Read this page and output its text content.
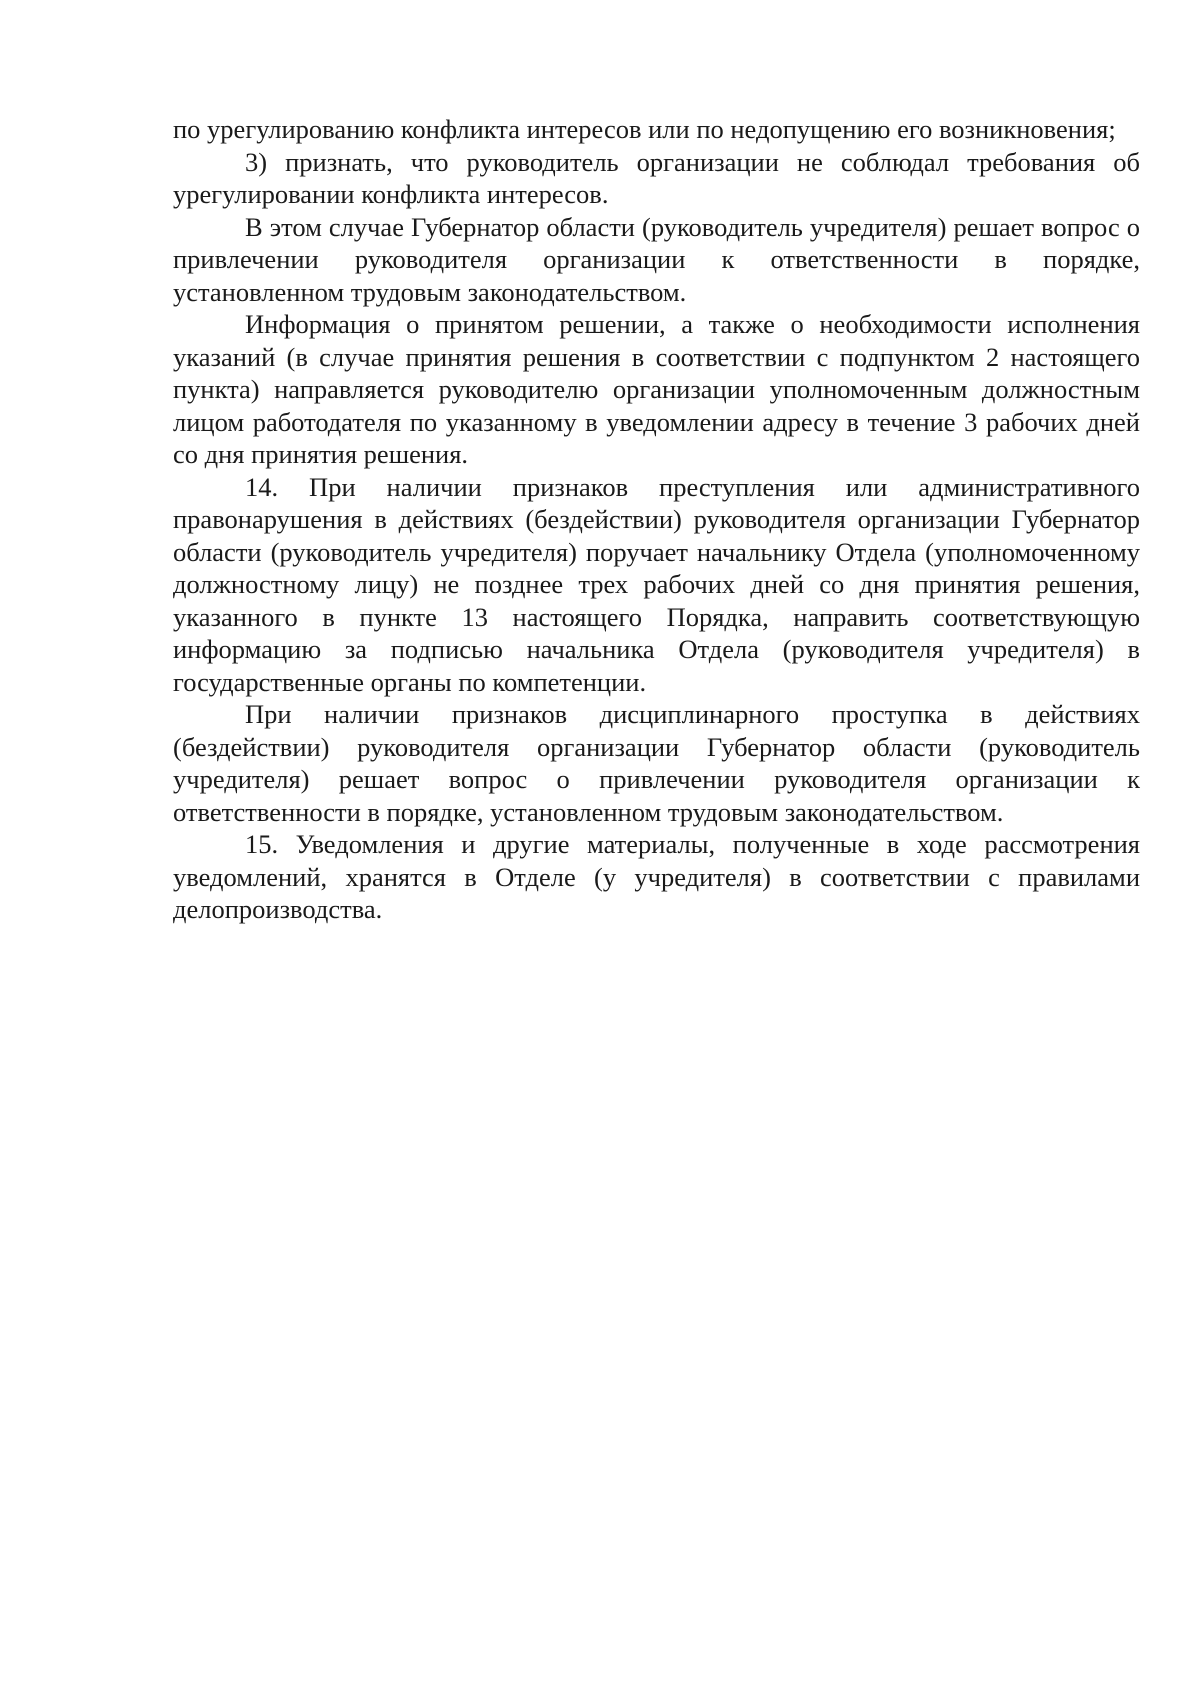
по урегулированию конфликта интересов или по недопущению его возникновения;

3) признать, что руководитель организации не соблюдал требования об урегулировании конфликта интересов.

В этом случае Губернатор области (руководитель учредителя) решает вопрос о привлечении руководителя организации к ответственности в порядке, установленном трудовым законодательством.

Информация о принятом решении, а также о необходимости исполнения указаний (в случае принятия решения в соответствии с подпунктом 2 настоящего пункта) направляется руководителю организации уполномоченным должностным лицом работодателя по указанному в уведомлении адресу в течение 3 рабочих дней со дня принятия решения.

14. При наличии признаков преступления или административного правонарушения в действиях (бездействии) руководителя организации Губернатор области (руководитель учредителя) поручает начальнику Отдела (уполномоченному должностному лицу) не позднее трех рабочих дней со дня принятия решения, указанного в пункте 13 настоящего Порядка, направить соответствующую информацию за подписью начальника Отдела (руководителя учредителя) в государственные органы по компетенции.

При наличии признаков дисциплинарного проступка в действиях (бездействии) руководителя организации Губернатор области (руководитель учредителя) решает вопрос о привлечении руководителя организации к ответственности в порядке, установленном трудовым законодательством.

15. Уведомления и другие материалы, полученные в ходе рассмотрения уведомлений, хранятся в Отделе (у учредителя) в соответствии с правилами делопроизводства.
